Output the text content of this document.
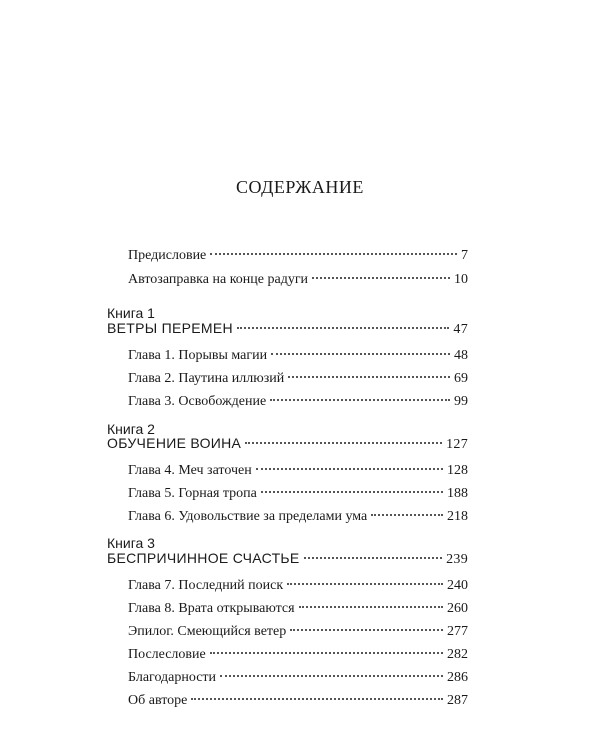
СОДЕРЖАНИЕ
Предисловие	7
Автозаправка на конце радуги	10
Книга 1
ВЕТРЫ ПЕРЕМЕН	47
Глава 1. Порывы магии	48
Глава 2. Паутина иллюзий	69
Глава 3. Освобождение	99
Книга 2
ОБУЧЕНИЕ ВОИНА	127
Глава 4. Меч заточен	128
Глава 5. Горная тропа	188
Глава 6. Удовольствие за пределами ума	218
Книга 3
БЕСПРИЧИННОЕ СЧАСТЬЕ	239
Глава 7. Последний поиск	240
Глава 8. Врата открываются	260
Эпилог. Смеющийся ветер	277
Послесловие	282
Благодарности	286
Об авторе	287
